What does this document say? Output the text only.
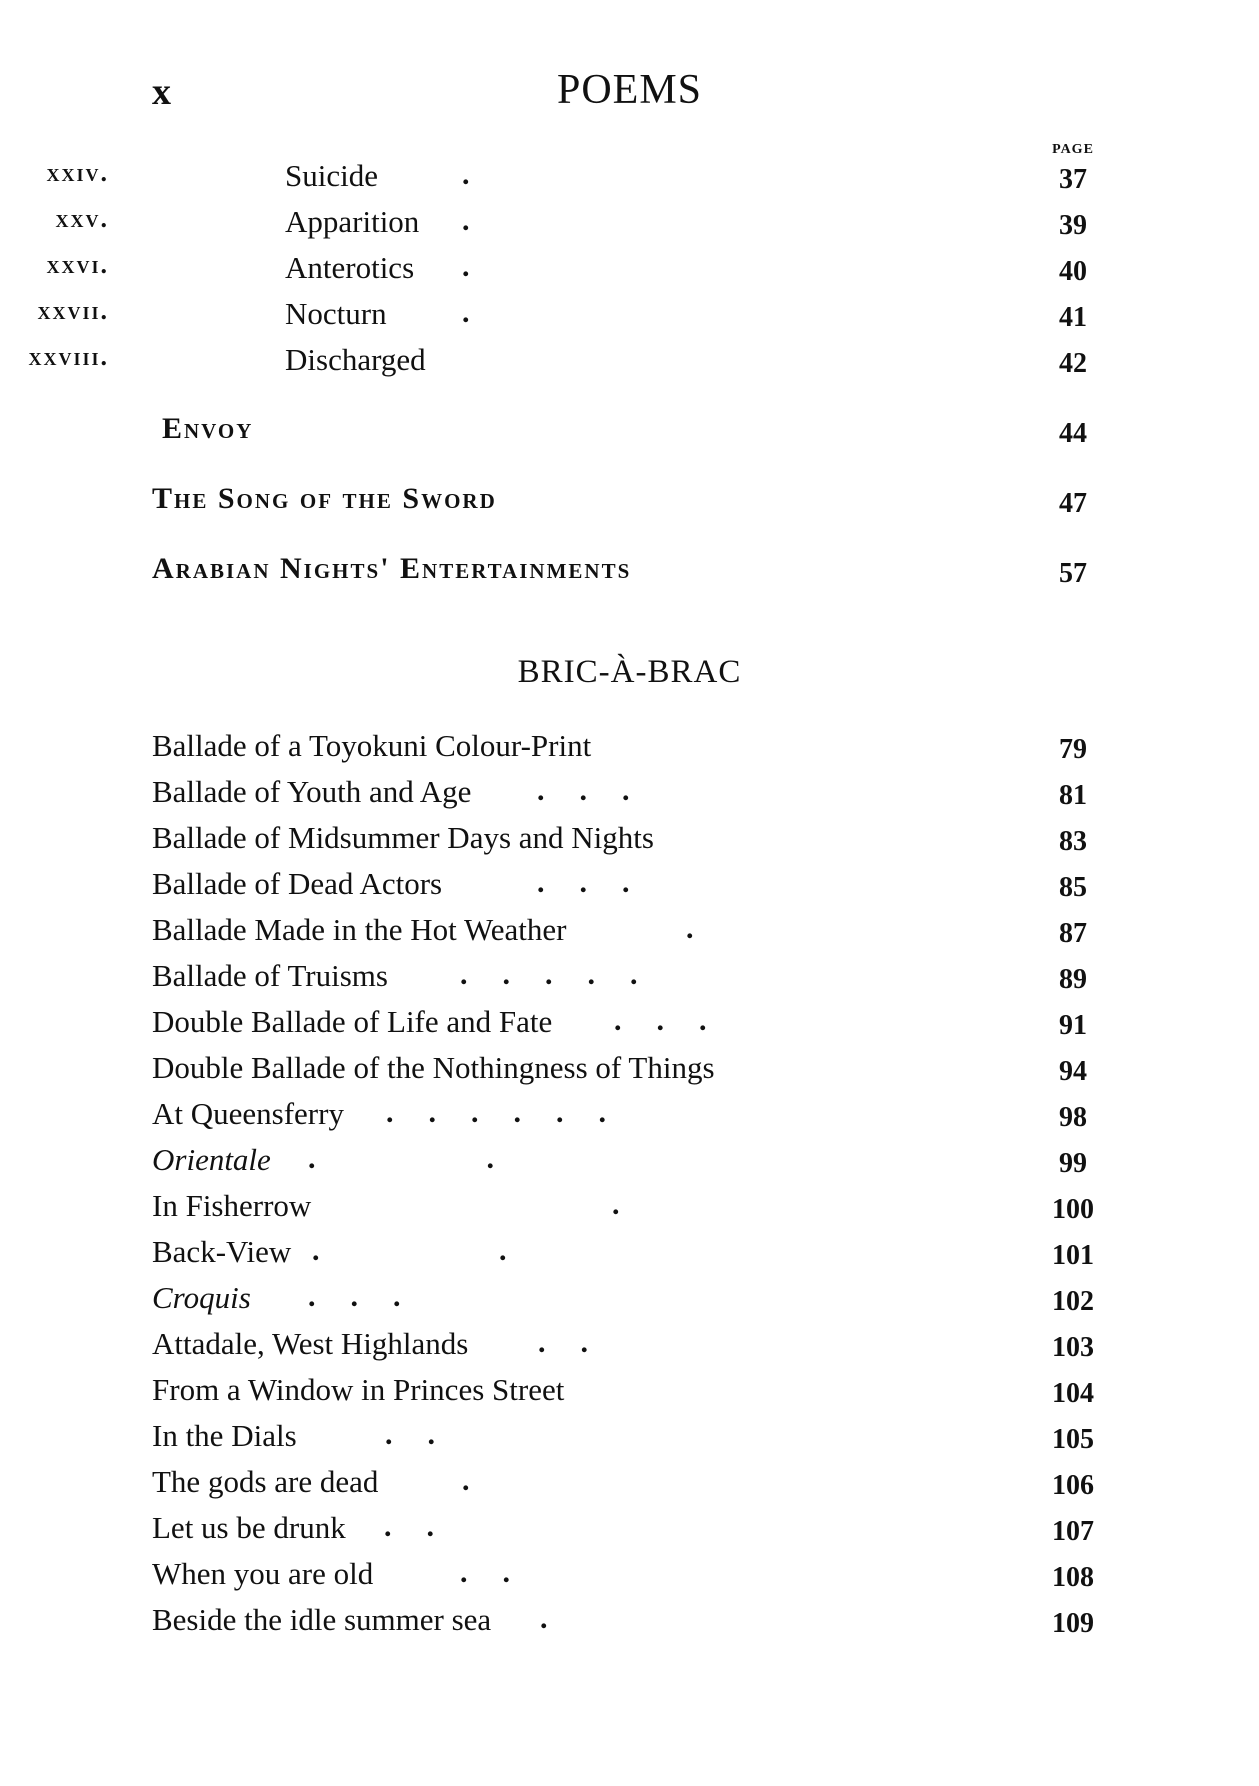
x	POEMS
PAGE
xxiv.	Suicide	.	37
xxv.	Apparition .	39
xxvi.	Anterotics .	40
xxvii.	Nocturn	.	41
xxviii.	Discharged	42
Envoy	44
The Song of the Sword	47
Arabian Nights' Entertainments	57
BRIC-À-BRAC
Ballade of a Toyokuni Colour-Print	79
Ballade of Youth and Age .    .    .	81
Ballade of Midsummer Days and Nights	83
Ballade of Dead Actors	.    .    .	85
Ballade Made in the Hot Weather	.	87
Ballade of Truisms .    .    .    .    .	89
Double Ballade of Life and Fate .    .    .	91
Double Ballade of the Nothingness of Things	94
At Queensferry .    .    .    .    .    .	98
Orientale .                    .	99
In Fisherrow	.	100
Back-View .                     .	101
Croquis .    .    .	102
Attadale, West Highlands .    .	103
From a Window in Princes Street	104
In the Dials	.    .	105
The gods are dead	.	106
Let us be drunk .    .	107
When you are old	.    .	108
Beside the idle summer sea .	109
